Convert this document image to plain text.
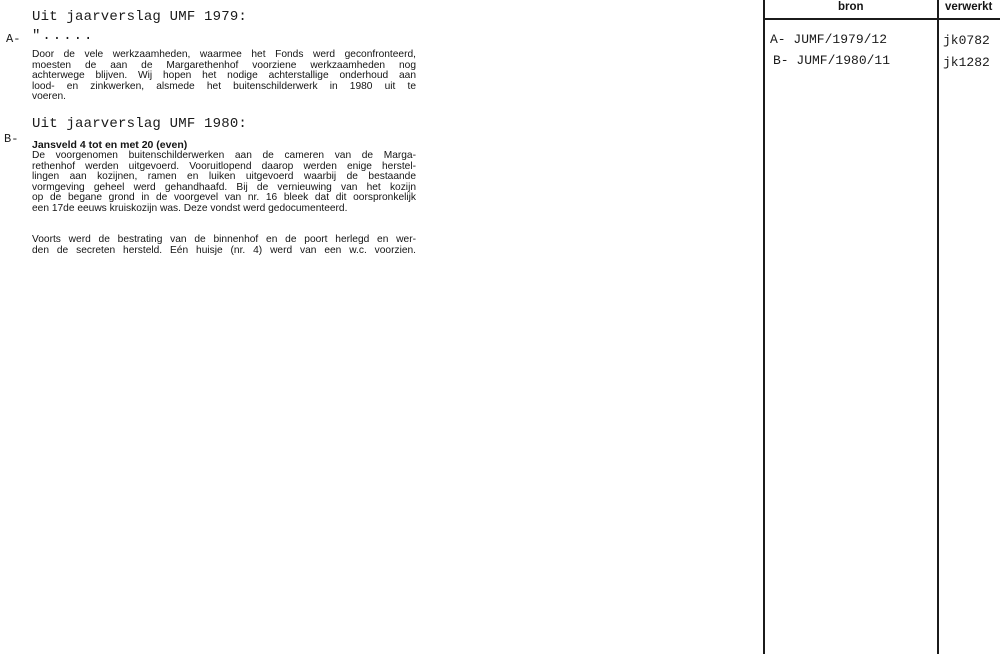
Uit jaarverslag UMF 1979:
A- ".....
Door de vele werkzaamheden, waarmee het Fonds werd geconfronteerd,
moesten de aan de Margarethenhof voorziene werkzaamheden nog
achterwege blijven. Wij hopen het nodige achterstallige onderhoud aan
lood- en zinkwerken, alsmede het buitenschilderwerk in 1980 uit te
voeren.
Uit jaarverslag UMF 1980:
B- Jansveld 4 tot en met 20 (even)
De voorgenomen buitenschilderwerken aan de cameren van de Marga-
rethenhof werden uitgevoerd. Vooruitlopend daarop werden enige herstel-
lingen aan kozijnen, ramen en luiken uitgevoerd waarbij de bestaande
vormgeving geheel werd gehandhaafd. Bij de vernieuwing van het kozijn
op de begane grond in de voorgevel van nr. 16 bleek dat dit oorspronkelijk
een 17de eeuws kruiskozijn was. Deze vondst werd gedocumenteerd.
Voorts werd de bestrating van de binnenhof en de poort herlegd en wer-
den de secreten hersteld. Eén huisje (nr. 4) werd van een w.c. voorzien.
bron	verwerkt
A- JUMF/1979/12	jk0782
B- JUMF/1980/11	jk1282
